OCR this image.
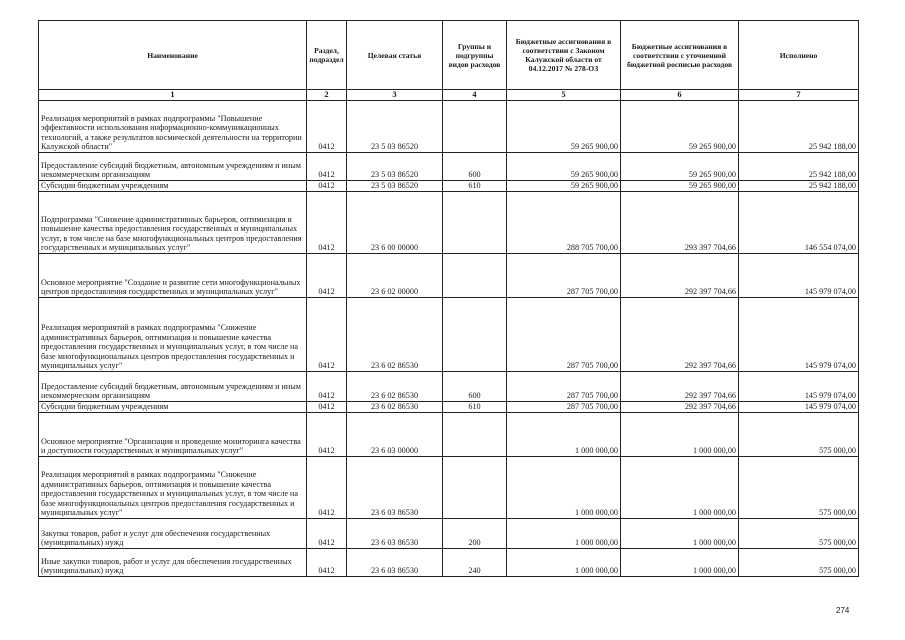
Наименование	Раздел, подраздел	Целевая статья	Группы и подгруппы видов расходов	Бюджетные ассигнования в соответствии с Законом Калужской области от 04.12.2017 № 278-ОЗ	Бюджетные ассигнования в соответствии с уточненной бюджетной росписью расходов	Исполнено
1	2	3	4	5	6	7
Реализация мероприятий в рамках подпрограммы "Повышение эффективности использования информационно-коммуникационных технологий, а также результатов космической деятельности на территории Калужской области"	0412	23 5 03 86520		59 265 900,00	59 265 900,00	25 942 188,00
Предоставление субсидий бюджетным, автономным учреждениям и иным некоммерческим организациям	0412	23 5 03 86520	600	59 265 900,00	59 265 900,00	25 942 188,00
Субсидии бюджетным учреждениям	0412	23 5 03 86520	610	59 265 900,00	59 265 900,00	25 942 188,00
Подпрограмма "Снижение административных барьеров, оптимизация и повышение качества предоставления государственных и муниципальных услуг, в том числе на базе многофункциональных центров предоставления государственных и муниципальных услуг"	0412	23 6 00 00000		288 705 700,00	293 397 704,66	146 554 074,00
Основное мероприятие "Создание и развитие сети многофункциональных центров предоставления государственных и муниципальных услуг"	0412	23 6 02 00000		287 705 700,00	292 397 704,66	145 979 074,00
Реализация мероприятий в рамках подпрограммы "Снижение административных барьеров, оптимизация и повышение качества предоставления государственных и муниципальных услуг, в том числе на базе многофункциональных центров предоставления государственных и муниципальных услуг"	0412	23 6 02 86530		287 705 700,00	292 397 704,66	145 979 074,00
Предоставление субсидий бюджетным, автономным учреждениям и иным некоммерческим организациям	0412	23 6 02 86530	600	287 705 700,00	292 397 704,66	145 979 074,00
Субсидии бюджетным учреждениям	0412	23 6 02 86530	610	287 705 700,00	292 397 704,66	145 979 074,00
Основное мероприятие "Организация и проведение мониторинга качества и доступности государственных и муниципальных услуг"	0412	23 6 03 00000		1 000 000,00	1 000 000,00	575 000,00
Реализация мероприятий в рамках подпрограммы "Снижение административных барьеров, оптимизация и повышение качества предоставления государственных и муниципальных услуг, в том числе на базе многофункциональных центров предоставления государственных и муниципальных услуг"	0412	23 6 03 86530		1 000 000,00	1 000 000,00	575 000,00
Закупка товаров, работ и услуг для обеспечения государственных (муниципальных) нужд	0412	23 6 03 86530	200	1 000 000,00	1 000 000,00	575 000,00
Иные закупки товаров, работ и услуг для обеспечения государственных (муниципальных) нужд	0412	23 6 03 86530	240	1 000 000,00	1 000 000,00	575 000,00
274
